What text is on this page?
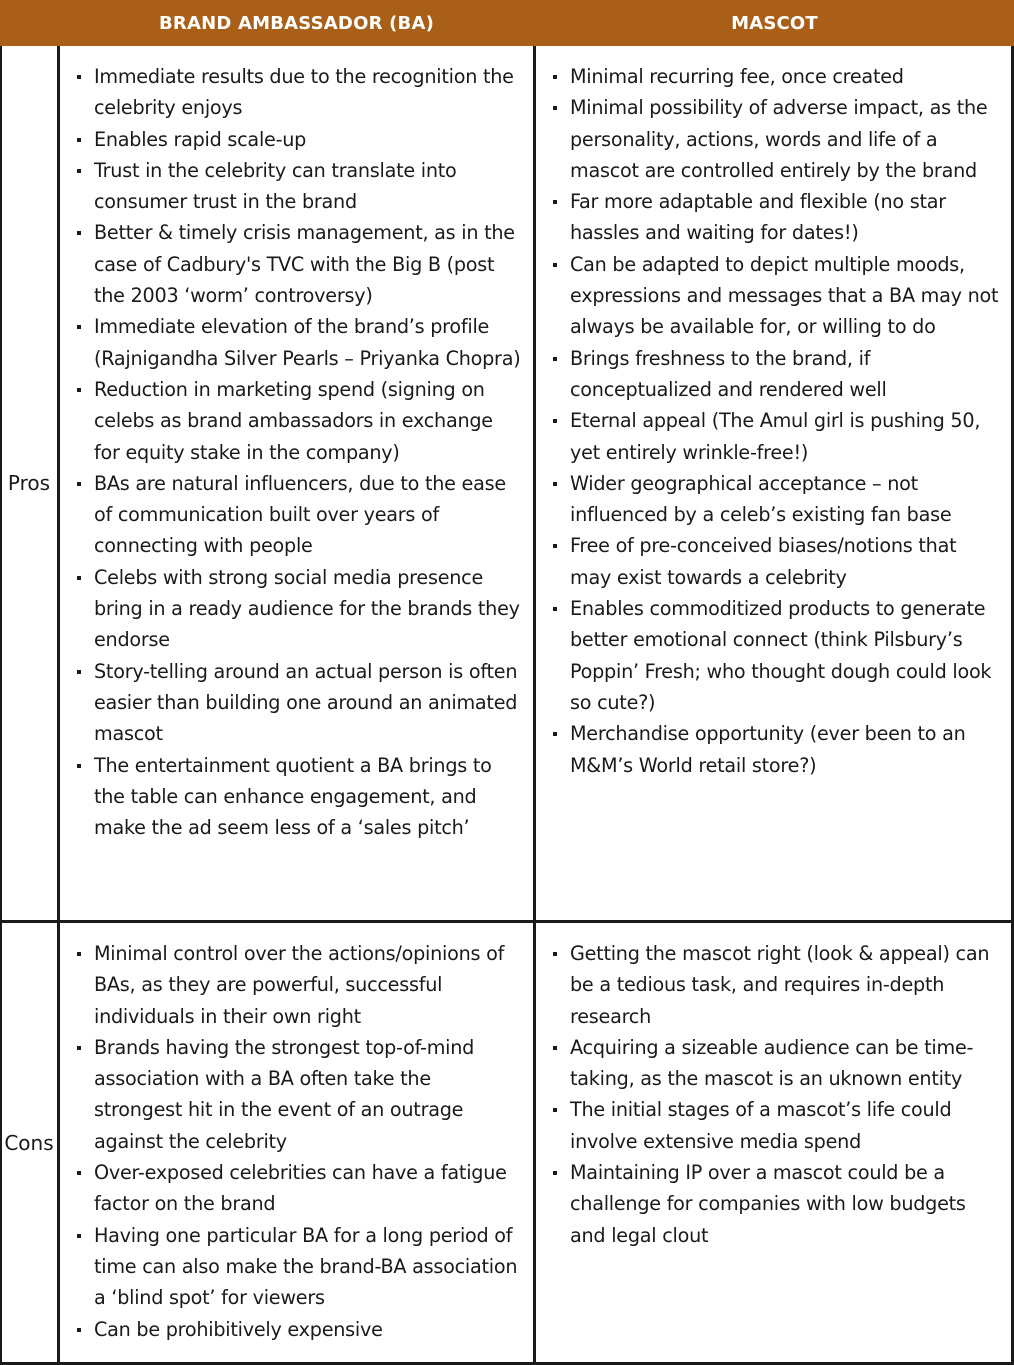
BRAND AMBASSADOR (BA)	MASCOT
Pros
Immediate results due to the recognition the celebrity enjoys
Enables rapid scale-up
Trust in the celebrity can translate into consumer trust in the brand
Better & timely crisis management, as in the case of Cadbury's TVC with the Big B (post the 2003 ‘worm’ controversy)
Immediate elevation of the brand’s profile (Rajnigandha Silver Pearls – Priyanka Chopra)
Reduction in marketing spend (signing on celebs as brand ambassadors in exchange for equity stake in the company)
BAs are natural influencers, due to the ease of communication built over years of connecting with people
Celebs with strong social media presence bring in a ready audience for the brands they endorse
Story-telling around an actual person is often easier than building one around an animated mascot
The entertainment quotient a BA brings to the table can enhance engagement, and make the ad seem less of a ‘sales pitch’
Minimal recurring fee, once created
Minimal possibility of adverse impact, as the personality, actions, words and life of a mascot are controlled entirely by the brand
Far more adaptable and flexible (no star hassles and waiting for dates!)
Can be adapted to depict multiple moods, expressions and messages that a BA may not always be available for, or willing to do
Brings freshness to the brand, if conceptualized and rendered well
Eternal appeal (The Amul girl is pushing 50, yet entirely wrinkle-free!)
Wider geographical acceptance – not influenced by a celeb’s existing fan base
Free of pre-conceived biases/notions that may exist towards a celebrity
Enables commoditized products to generate better emotional connect (think Pilsbury’s Poppin’ Fresh; who thought dough could look so cute?)
Merchandise opportunity (ever been to an M&M’s World retail store?)
Cons
Minimal control over the actions/opinions of BAs, as they are powerful, successful individuals in their own right
Brands having the strongest top-of-mind association with a BA often take the strongest hit in the event of an outrage against the celebrity
Over-exposed celebrities can have a fatigue factor on the brand
Having one particular BA for a long period of time can also make the brand-BA association a ‘blind spot’ for viewers
Can be prohibitively expensive
Getting the mascot right (look & appeal) can be a tedious task, and requires in-depth research
Acquiring a sizeable audience can be time-taking, as the mascot is an uknown entity
The initial stages of a mascot’s life could involve extensive media spend
Maintaining IP over a mascot could be a challenge for companies with low budgets and legal clout
